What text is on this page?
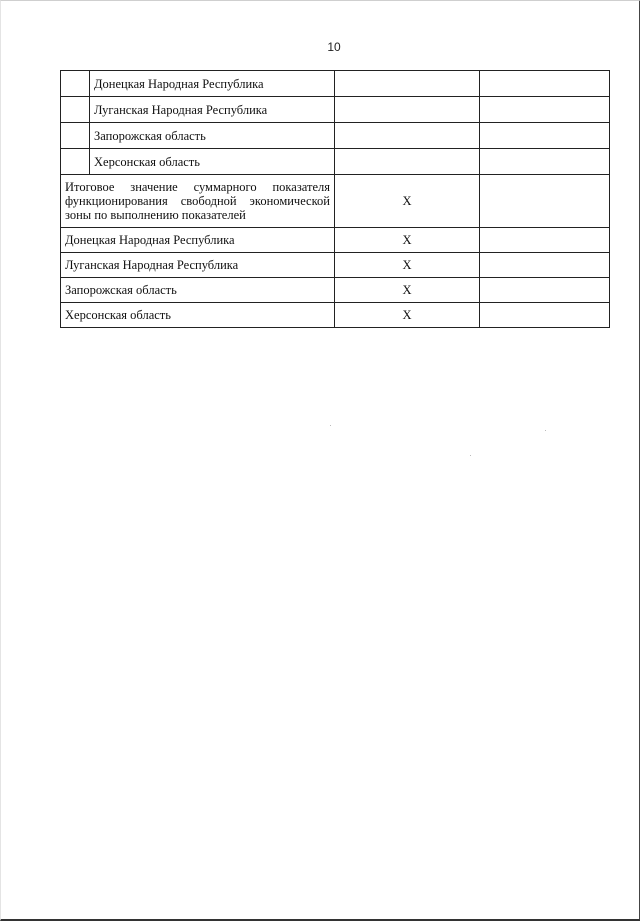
10
	Донецкая Народная Республика		
	Луганская Народная Республика		
	Запорожская область		
	Херсонская область		
Итоговое значение суммарного показателя функционирования свободной экономической зоны по выполнению показателей		X	
Донецкая Народная Республика		X	
Луганская Народная Республика		X	
Запорожская область		X	
Херсонская область		X	
